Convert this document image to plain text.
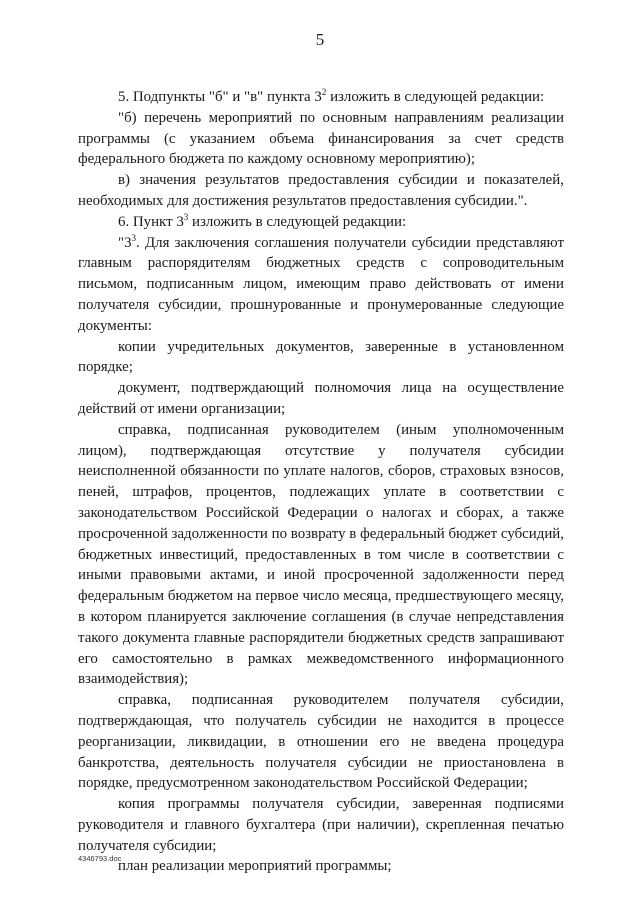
5

5. Подпункты "б" и "в" пункта $3^2$ изложить в следующей редакции:

"б) перечень мероприятий по основным направлениям реализации программы (с указанием объема финансирования за счет средств федерального бюджета по каждому основному мероприятию);

в) значения результатов предоставления субсидии и показателей, необходимых для достижения результатов предоставления субсидии.".

6. Пункт $3^3$ изложить в следующей редакции:

"$3^3$. Для заключения соглашения получатели субсидии представляют главным распорядителям бюджетных средств с сопроводительным письмом, подписанным лицом, имеющим право действовать от имени получателя субсидии, прошнурованные и пронумерованные следующие документы:

копии учредительных документов, заверенные в установленном порядке;

документ, подтверждающий полномочия лица на осуществление действий от имени организации;

справка, подписанная руководителем (иным уполномоченным лицом), подтверждающая отсутствие у получателя субсидии неисполненной обязанности по уплате налогов, сборов, страховых взносов, пеней, штрафов, процентов, подлежащих уплате в соответствии с законодательством Российской Федерации о налогах и сборах, а также просроченной задолженности по возврату в федеральный бюджет субсидий, бюджетных инвестиций, предоставленных в том числе в соответствии с иными правовыми актами, и иной просроченной задолженности перед федеральным бюджетом на первое число месяца, предшествующего месяцу, в котором планируется заключение соглашения (в случае непредставления такого документа главные распорядители бюджетных средств запрашивают его самостоятельно в рамках межведомственного информационного взаимодействия);

справка, подписанная руководителем получателя субсидии, подтверждающая, что получатель субсидии не находится в процессе реорганизации, ликвидации, в отношении его не введена процедура банкротства, деятельность получателя субсидии не приостановлена в порядке, предусмотренном законодательством Российской Федерации;

копия программы получателя субсидии, заверенная подписями руководителя и главного бухгалтера (при наличии), скрепленная печатью получателя субсидии;

план реализации мероприятий программы;

4346793.doc
